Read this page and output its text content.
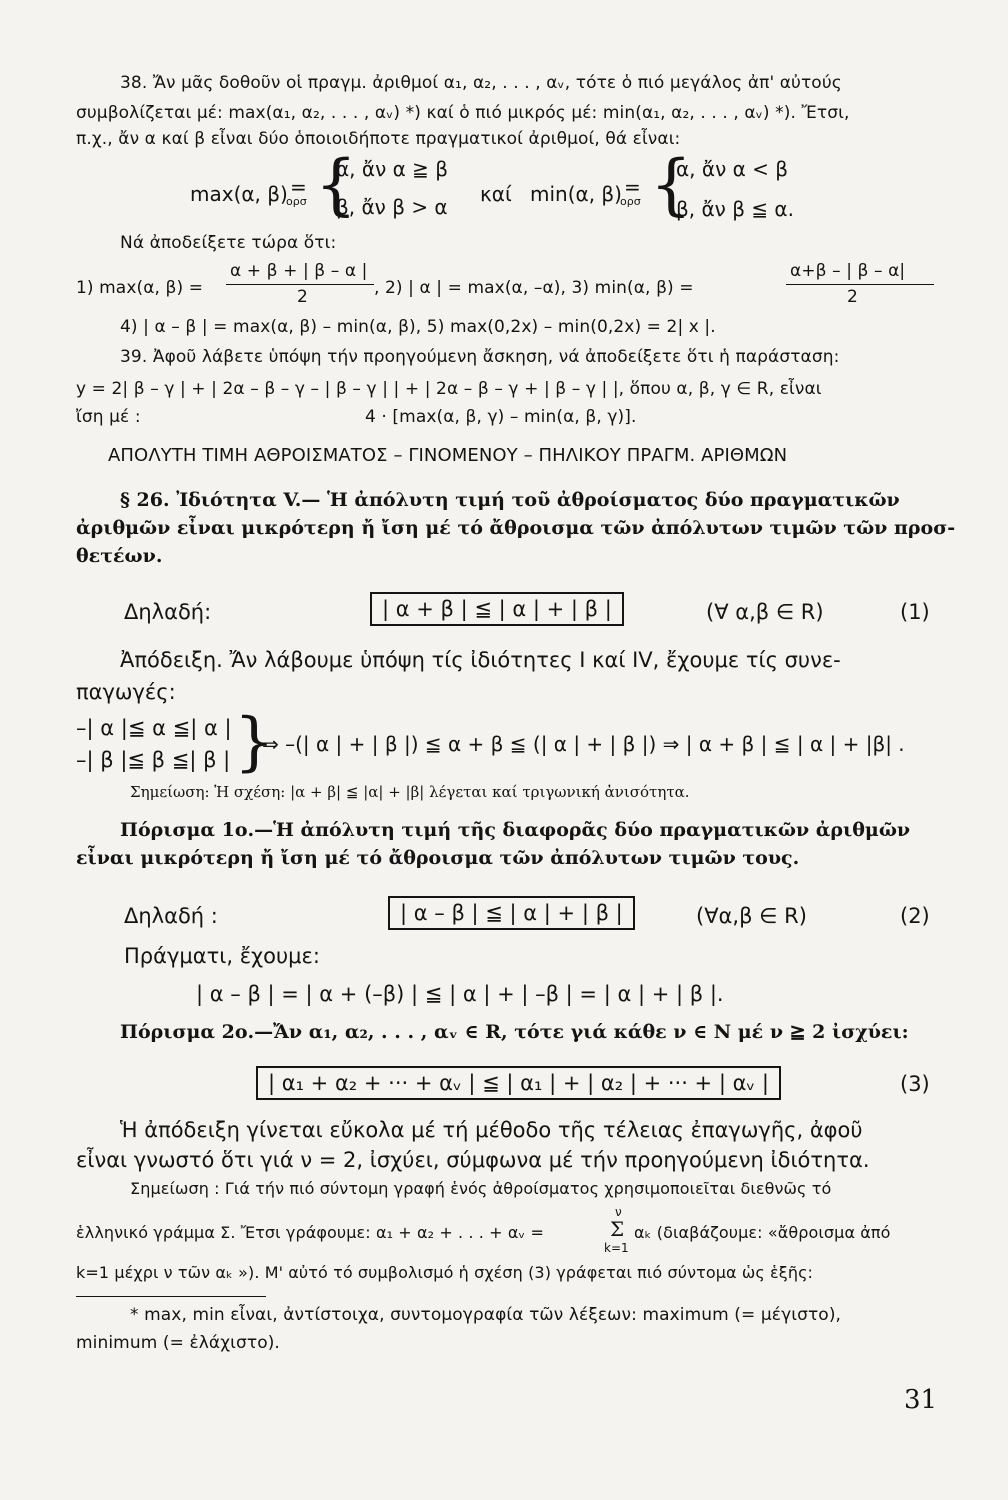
38. Ἄν μᾶς δοθοῦν οἱ πραγμ. ἀριθμοί α₁, α₂, . . . , αᵥ, τότε ὁ πιό μεγάλος ἀπ' αὐτούς
συμβολίζεται μέ: max(α₁, α₂, . . . , αᵥ) *) καί ὁ πιό μικρός μέ: min(α₁, α₂, . . . , αᵥ) *). Ἔτσι,
π.χ., ἄν α καί β εἶναι δύο ὁποιοιδήποτε πραγματικοί ἀριθμοί, θά εἶναι:
max(α, β) =
ορσ {
α, ἄν α ≧ β
β, ἄν β > α
καί min(α, β) =
ορσ {
α, ἄν α < β
β, ἄν β ≦ α.
Νά ἀποδείξετε τώρα ὅτι:
1) max(α, β) =
α + β + | β – α |
2	, 2) | α | = max(α, –α), 3) min(α, β) =
α+β – | β – α|
2
4) | α – β | = max(α, β) – min(α, β), 5) max(0,2x) – min(0,2x) = 2| x |.
39. Ἀφοῦ λάβετε ὑπόψη τήν προηγούμενη ἄσκηση, νά ἀποδείξετε ὅτι ἡ παράσταση:
y = 2| β – γ | + | 2α – β – γ – | β – γ | | + | 2α – β – γ + | β – γ | |, ὅπου α, β, γ ∈ R, εἶναι
ἴση μέ :	4 · [max(α, β, γ) – min(α, β, γ)].
ΑΠΟΛΥΤΗ ΤΙΜΗ ΑΘΡΟΙΣΜΑΤΟΣ – ΓΙΝΟΜΕΝΟΥ – ΠΗΛΙΚΟΥ ΠΡΑΓΜ. ΑΡΙΘΜΩΝ
§ 26. Ἰδιότητα V.— Ἡ ἀπόλυτη τιμή τοῦ ἀθροίσματος δύο πραγματικῶν
ἀριθμῶν εἶναι μικρότερη ἤ ἴση μέ τό ἄθροισμα τῶν ἀπόλυτων τιμῶν τῶν προσ-
θετέων.
Δηλαδή:	| α + β | ≦ | α | + | β |	(∀ α,β ∈ R)	(1)
Ἀπόδειξη. Ἄν λάβουμε ὑπόψη τίς ἰδιότητες I καί IV, ἔχουμε τίς συνε-
παγωγές:
–| α |≦ α ≦| α |
–| β |≦ β ≦| β | }
⇒ –(| α | + | β |) ≦ α + β ≦ (| α | + | β |) ⇒ | α + β | ≦ | α | + |β| .
Σημείωση: Ἡ σχέση: |α + β| ≦ |α| + |β| λέγεται καί τριγωνική ἀνισότητα.
Πόρισμα 1ο.—Ἡ ἀπόλυτη τιμή τῆς διαφορᾶς δύο πραγματικῶν ἀριθμῶν
εἶναι μικρότερη ἤ ἴση μέ τό ἄθροισμα τῶν ἀπόλυτων τιμῶν τους.
Δηλαδή :	| α – β | ≦ | α | + | β |	(∀α,β ∈ R)	(2)
Πράγματι, ἔχουμε:
| α – β | = | α + (–β) | ≦ | α | + | –β | = | α | + | β |.
Πόρισμα 2ο.—Ἄν α₁, α₂, . . . , αᵥ ∈ R, τότε γιά κάθε ν ∈ N μέ ν ≧ 2 ἰσχύει:
| α₁ + α₂ + ··· + αᵥ | ≦ | α₁ | + | α₂ | + ··· + | αᵥ |	(3)
Ἡ ἀπόδειξη γίνεται εὔκολα μέ τή μέθοδο τῆς τέλειας ἐπαγωγῆς, ἀφοῦ
εἶναι γνωστό ὅτι γιά ν = 2, ἰσχύει, σύμφωνα μέ τήν προηγούμενη ἰδιότητα.
Σημείωση : Γιά τήν πιό σύντομη γραφή ἑνός ἀθροίσματος χρησιμοποιεῖται διεθνῶς τό
ἑλληνικό γράμμα Σ. Ἔτσι γράφουμε: α₁ + α₂ + . . . + αᵥ =
ν
Σ
k=1
αₖ (διαβάζουμε: «ἄθροισμα ἀπό
k=1 μέχρι ν τῶν αₖ »). Μ' αὐτό τό συμβολισμό ἡ σχέση (3) γράφεται πιό σύντομα ὡς ἑξῆς:
* max, min εἶναι, ἀντίστοιχα, συντομογραφία τῶν λέξεων: maximum (= μέγιστο),
minimum (= ἐλάχιστο).
31
